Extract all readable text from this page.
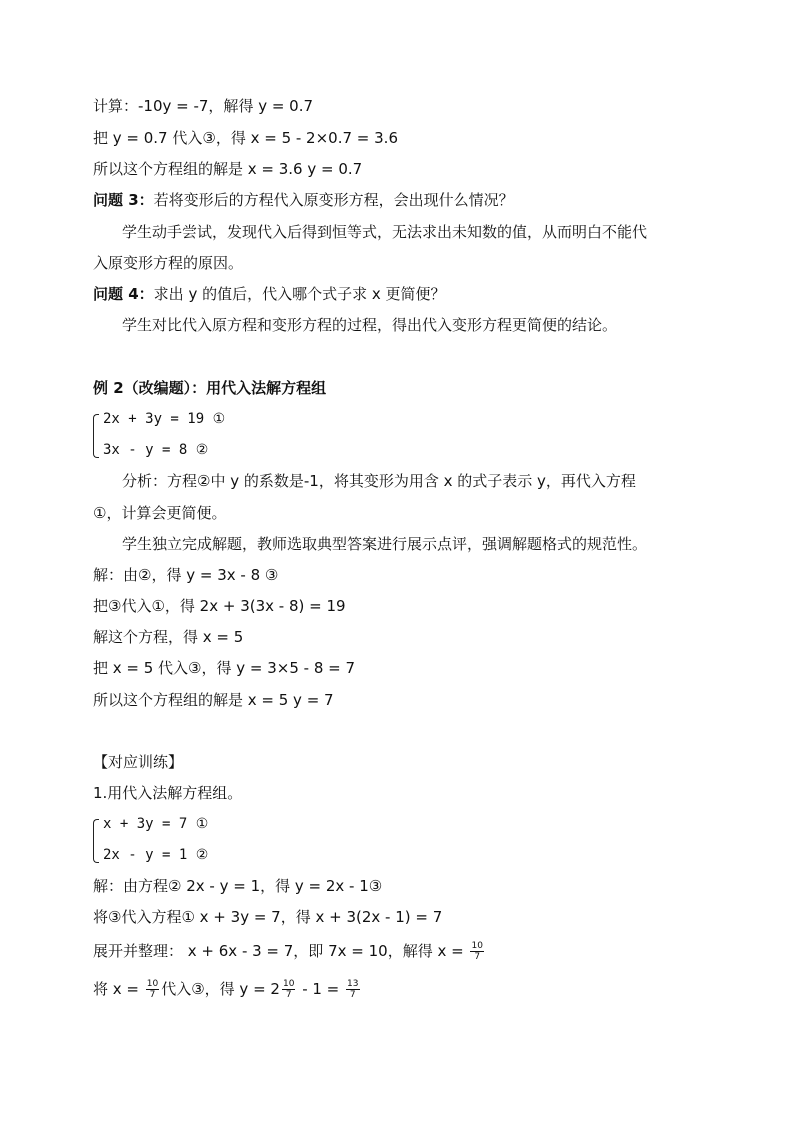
计算：-10y = -7，解得 y = 0.7
把 y = 0.7 代入③，得 x = 5 - 2×0.7 = 3.6
所以这个方程组的解是 x = 3.6 y = 0.7
问题 3：若将变形后的方程代入原变形方程，会出现什么情况？
学生动手尝试，发现代入后得到恒等式，无法求出未知数的值，从而明白不能代
入原变形方程的原因。
问题 4：求出 y 的值后，代入哪个式子求 x 更简便？
学生对比代入原方程和变形方程的过程，得出代入变形方程更简便的结论。
例 2（改编题）：用代入法解方程组
2x + 3y = 19 ①
3x - y = 8 ②
分析：方程②中 y 的系数是-1，将其变形为用含 x 的式子表示 y，再代入方程
①，计算会更简便。
学生独立完成解题，教师选取典型答案进行展示点评，强调解题格式的规范性。
解：由②，得 y = 3x - 8 ③
把③代入①，得 2x + 3(3x - 8) = 19
解这个方程，得 x = 5
把 x = 5 代入③，得 y = 3×5 - 8 = 7
所以这个方程组的解是 x = 5 y = 7
【对应训练】
1.用代入法解方程组。
x + 3y = 7 ①
2x - y = 1 ②
解：由方程② 2x - y = 1，得 y = 2x - 1③
将③代入方程① x + 3y = 7，得 x + 3(2x - 1) = 7
展开并整理： x + 6x - 3 = 7，即 7x = 10，解得 $x = \frac{10}{7}$
将 $x = \frac{10}{7}$ 代入③，得 $y = 2 \frac{10}{7} - 1 = \frac{13}{7}$
